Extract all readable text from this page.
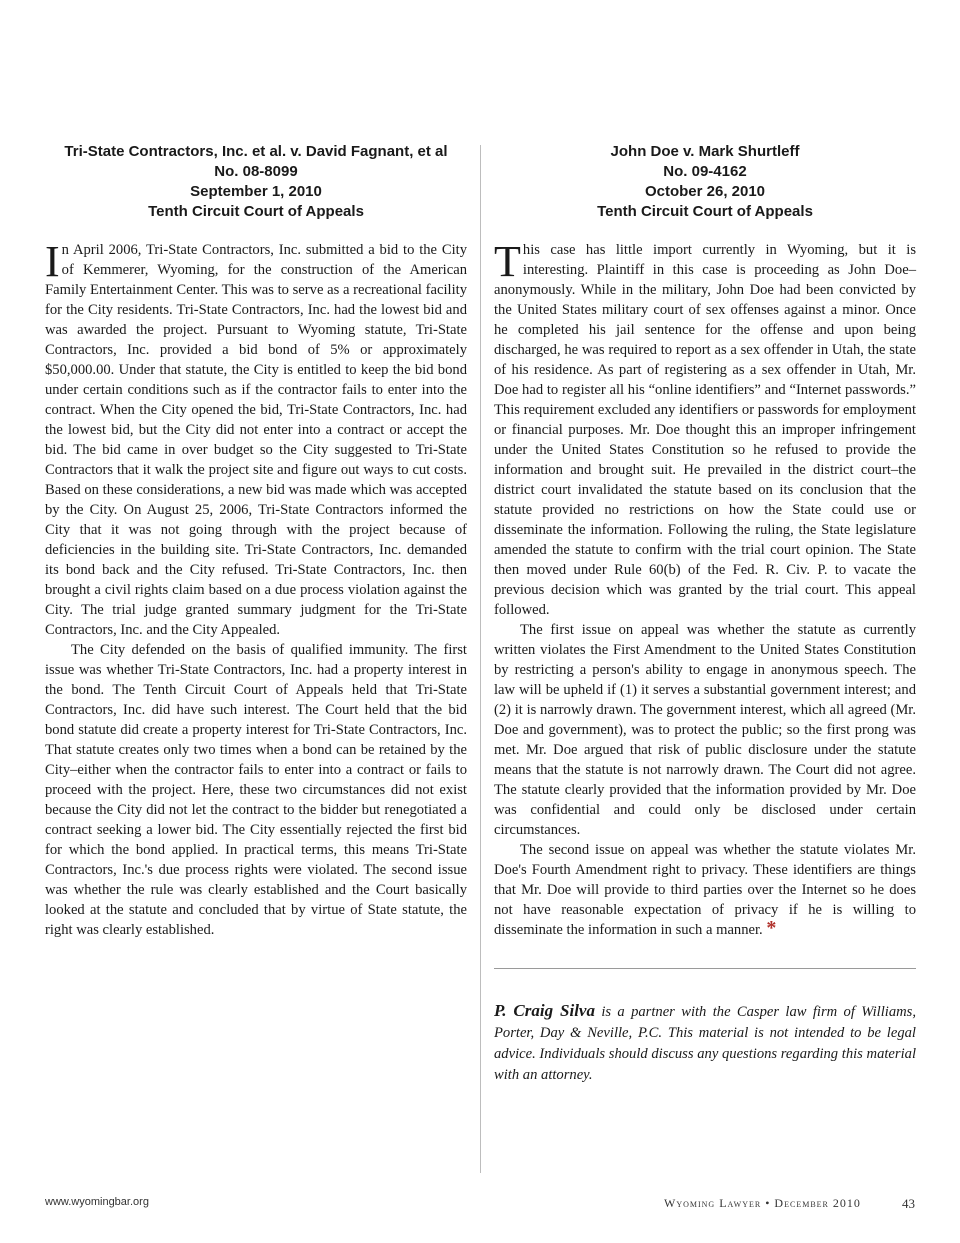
Tri-State Contractors, Inc. et al. v. David Fagnant, et al
No. 08-8099
September 1, 2010
Tenth Circuit Court of Appeals

In April 2006, Tri-State Contractors, Inc. submitted a bid to the City of Kemmerer, Wyoming, for the construction of the American Family Entertainment Center. This was to serve as a recreational facility for the City residents. Tri-State Contractors, Inc. had the lowest bid and was awarded the project. Pursuant to Wyoming statute, Tri-State Contractors, Inc. provided a bid bond of 5% or approximately $50,000.00. Under that statute, the City is entitled to keep the bid bond under certain conditions such as if the contractor fails to enter into the contract. When the City opened the bid, Tri-State Contractors, Inc. had the lowest bid, but the City did not enter into a contract or accept the bid. The bid came in over budget so the City suggested to Tri-State Contractors that it walk the project site and figure out ways to cut costs. Based on these considerations, a new bid was made which was accepted by the City. On August 25, 2006, Tri-State Contractors informed the City that it was not going through with the project because of deficiencies in the building site. Tri-State Contractors, Inc. demanded its bond back and the City refused. Tri-State Contractors, Inc. then brought a civil rights claim based on a due process violation against the City. The trial judge granted summary judgment for the Tri-State Contractors, Inc. and the City Appealed.

The City defended on the basis of qualified immunity. The first issue was whether Tri-State Contractors, Inc. had a property interest in the bond. The Tenth Circuit Court of Appeals held that Tri-State Contractors, Inc. did have such interest. The Court held that the bid bond statute did create a property interest for Tri-State Contractors, Inc. That statute creates only two times when a bond can be retained by the City–either when the contractor fails to enter into a contract or fails to proceed with the project. Here, these two circumstances did not exist because the City did not let the contract to the bidder but renegotiated a contract seeking a lower bid. The City essentially rejected the first bid for which the bond applied. In practical terms, this means Tri-State Contractors, Inc.'s due process rights were violated. The second issue was whether the rule was clearly established and the Court basically looked at the statute and concluded that by virtue of State statute, the right was clearly established.

John Doe v. Mark Shurtleff
No. 09-4162
October 26, 2010
Tenth Circuit Court of Appeals

This case has little import currently in Wyoming, but it is interesting. Plaintiff in this case is proceeding as John Doe–anonymously. While in the military, John Doe had been convicted by the United States military court of sex offenses against a minor. Once he completed his jail sentence for the offense and upon being discharged, he was required to report as a sex offender in Utah, the state of his residence. As part of registering as a sex offender in Utah, Mr. Doe had to register all his “online identifiers” and “Internet passwords.” This requirement excluded any identifiers or passwords for employment or financial purposes. Mr. Doe thought this an improper infringement under the United States Constitution so he refused to provide the information and brought suit. He prevailed in the district court–the district court invalidated the statute based on its conclusion that the statute provided no restrictions on how the State could use or disseminate the information. Following the ruling, the State legislature amended the statute to confirm with the trial court opinion. The State then moved under Rule 60(b) of the Fed. R. Civ. P. to vacate the previous decision which was granted by the trial court. This appeal followed.

The first issue on appeal was whether the statute as currently written violates the First Amendment to the United States Constitution by restricting a person's ability to engage in anonymous speech. The law will be upheld if (1) it serves a substantial government interest; and (2) it is narrowly drawn. The government interest, which all agreed (Mr. Doe and government), was to protect the public; so the first prong was met. Mr. Doe argued that risk of public disclosure under the statute means that the statute is not narrowly drawn. The Court did not agree. The statute clearly provided that the information provided by Mr. Doe was confidential and could only be disclosed under certain circumstances.

The second issue on appeal was whether the statute violates Mr. Doe's Fourth Amendment right to privacy. These identifiers are things that Mr. Doe will provide to third parties over the Internet so he does not have reasonable expectation of privacy if he is willing to disseminate the information in such a manner. *

P. Craig Silva is a partner with the Casper law firm of Williams, Porter, Day & Neville, P.C. This material is not intended to be legal advice. Individuals should discuss any questions regarding this material with an attorney.

www.wyomingbar.org	Wyoming Lawyer • December 2010	43
